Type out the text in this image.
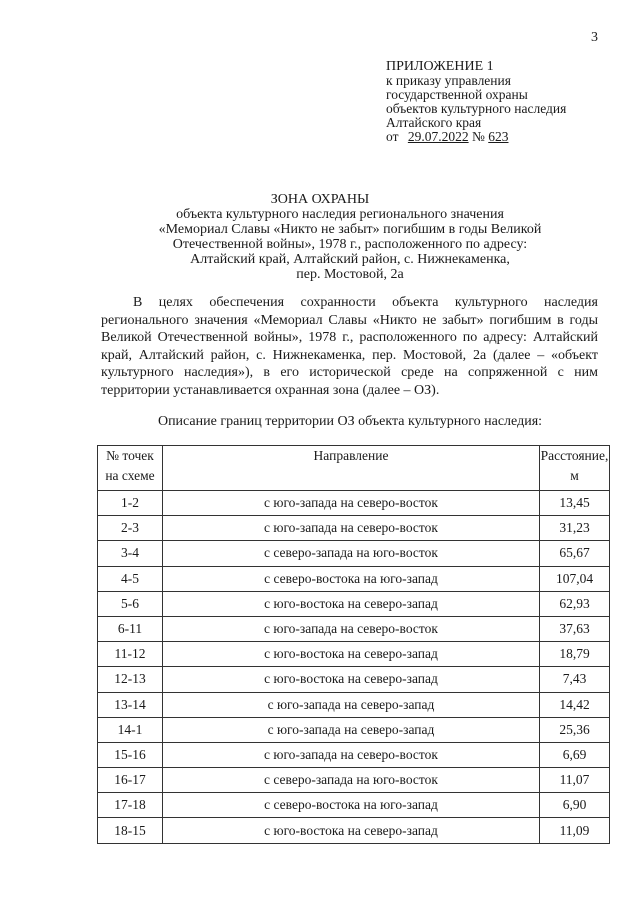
3
ПРИЛОЖЕНИЕ 1
к приказу управления
государственной охраны
объектов культурного наследия
Алтайского края
от 29.07.2022 № 623
ЗОНА ОХРАНЫ
объекта культурного наследия регионального значения
«Мемориал Славы «Никто не забыт» погибшим в годы Великой
Отечественной войны», 1978 г., расположенного по адресу:
Алтайский край, Алтайский район, с. Нижнекаменка,
пер. Мостовой, 2а
В целях обеспечения сохранности объекта культурного наследия регионального значения «Мемориал Славы «Никто не забыт» погибшим в годы Великой Отечественной войны», 1978 г., расположенного по адресу: Алтайский край, Алтайский район, с. Нижнекаменка, пер. Мостовой, 2а (далее – «объект культурного наследия»), в его исторической среде на сопряженной с ним территории устанавливается охранная зона (далее – ОЗ).
Описание границ территории ОЗ объекта культурного наследия:
№ точек на схеме	Направление	Расстояние, м
1-2	с юго-запада на северо-восток	13,45
2-3	с юго-запада на северо-восток	31,23
3-4	с северо-запада на юго-восток	65,67
4-5	с северо-востока на юго-запад	107,04
5-6	с юго-востока на северо-запад	62,93
6-11	с юго-запада на северо-восток	37,63
11-12	с юго-востока на северо-запад	18,79
12-13	с юго-востока на северо-запад	7,43
13-14	с юго-запада на северо-запад	14,42
14-1	с юго-запада на северо-запад	25,36
15-16	с юго-запада на северо-восток	6,69
16-17	с северо-запада на юго-восток	11,07
17-18	с северо-востока на юго-запад	6,90
18-15	с юго-востока на северо-запад	11,09
